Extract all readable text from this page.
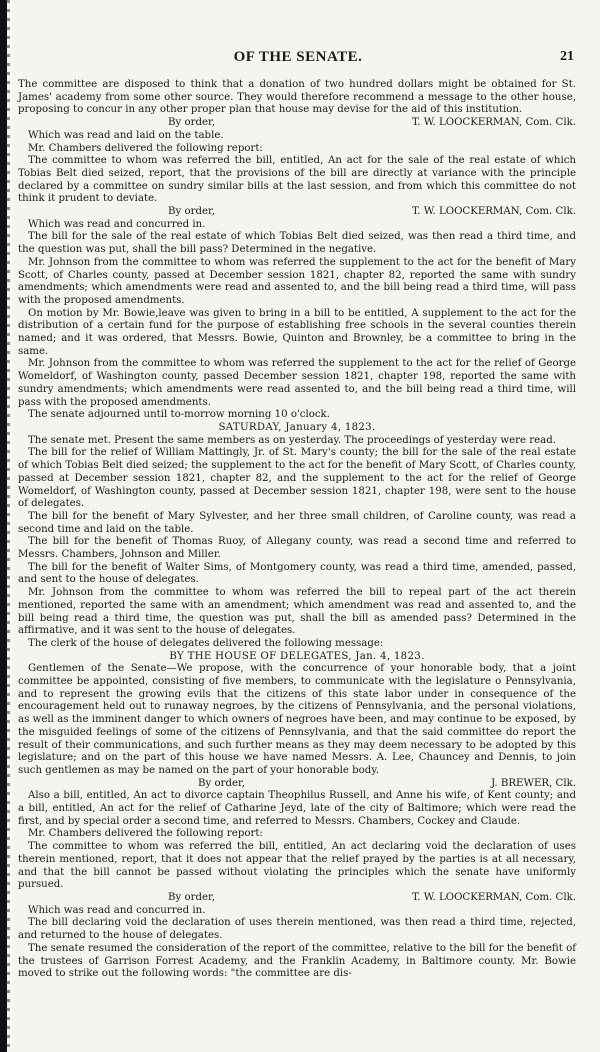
OF THE SENATE.	21

The committee are disposed to think that a donation of two hundred dollars might be obtained for St. James' academy from some other source. They would therefore recommend a message to the other house, proposing to concur in any other proper plan that house may devise for the aid of this institution.

By order,	T. W. LOOCKERMAN, Com. Clk.

Which was read and laid on the table.

Mr. Chambers delivered the following report:

The committee to whom was referred the bill, entitled, An act for the sale of the real estate of which Tobias Belt died seized, report, that the provisions of the bill are directly at variance with the principle declared by a committee on sundry similar bills at the last session, and from which this committee do not think it prudent to deviate.

By order,	T. W. LOOCKERMAN, Com. Clk.

Which was read and concurred in.

The bill for the sale of the real estate of which Tobias Belt died seized, was then read a third time, and the question was put, shall the bill pass? Determined in the negative.

Mr. Johnson from the committee to whom was referred the supplement to the act for the benefit of Mary Scott, of Charles county, passed at December session 1821, chapter 82, reported the same with sundry amendments; which amendments were read and assented to, and the bill being read a third time, will pass with the proposed amendments.

On motion by Mr. Bowie,leave was given to bring in a bill to be entitled, A supplement to the act for the distribution of a certain fund for the purpose of establishing free schools in the several counties therein named; and it was ordered, that Messrs. Bowie, Quinton and Brownley, be a committee to bring in the same.

Mr. Johnson from the committee to whom was referred the supplement to the act for the relief of George Womeldorf, of Washington county, passed December session 1821, chapter 198, reported the same with sundry amendments; which amendments were read assented to, and the bill being read a third time, will pass with the proposed amendments.

The senate adjourned until to-morrow morning 10 o'clock.

SATURDAY, January 4, 1823.

The senate met. Present the same members as on yesterday. The proceedings of yesterday were read.

The bill for the relief of William Mattingly, Jr. of St. Mary's county; the bill for the sale of the real estate of which Tobias Belt died seized; the supplement to the act for the benefit of Mary Scott, of Charles county, passed at December session 1821, chapter 82, and the supplement to the act for the relief of George Womeldorf, of Washington county, passed at December session 1821, chapter 198, were sent to the house of delegates.

The bill for the benefit of Mary Sylvester, and her three small children, of Caroline county, was read a second time and laid on the table.

The bill for the benefit of Thomas Ruoy, of Allegany county, was read a second time and referred to Messrs. Chambers, Johnson and Miller.

The bill for the benefit of Walter Sims, of Montgomery county, was read a third time, amended, passed, and sent to the house of delegates.

Mr. Johnson from the committee to whom was referred the bill to repeal part of the act therein mentioned, reported the same with an amendment; which amendment was read and assented to, and the bill being read a third time, the question was put, shall the bill as amended pass? Determined in the affirmative, and it was sent to the house of delegates.

The clerk of the house of delegates delivered the following message:

BY THE HOUSE OF DELEGATES, Jan. 4, 1823.

Gentlemen of the Senate—We propose, with the concurrence of your honorable body, that a joint committee be appointed, consisting of five members, to communicate with the legislature o Pennsylvania, and to represent the growing evils that the citizens of this state labor under in consequence of the encouragement held out to runaway negroes, by the citizens of Pennsylvania, and the personal violations, as well as the imminent danger to which owners of negroes have been, and may continue to be exposed, by the misguided feelings of some of the citizens of Pennsylvania, and that the said committee do report the result of their communications, and such further means as they may deem necessary to be adopted by this legislature; and on the part of this house we have named Messrs. A. Lee, Chauncey and Dennis, to join such gentlemen as may be named on the part of your honorable body.

By order,	J. BREWER, Clk.

Also a bill, entitled, An act to divorce captain Theophilus Russell, and Anne his wife, of Kent county; and a bill, entitled, An act for the relief of Catharine Jeyd, late of the city of Baltimore; which were read the first, and by special order a second time, and referred to Messrs. Chambers, Cockey and Claude.

Mr. Chambers delivered the following report:

The committee to whom was referred the bill, entitled, An act declaring void the declaration of uses therein mentioned, report, that it does not appear that the relief prayed by the parties is at all necessary, and that the bill cannot be passed without violating the principles which the senate have uniformly pursued.

By order,	T. W. LOOCKERMAN, Com. Clk.

Which was read and concurred in.

The bill declaring void the declaration of uses therein mentioned, was then read a third time, rejected, and returned to the house of delegates.

The senate resumed the consideration of the report of the committee, relative to the bill for the benefit of the trustees of Garrison Forrest Academy, and the Franklin Academy, in Baltimore county. Mr. Bowie moved to strike out the following words: "the committee are dis-
